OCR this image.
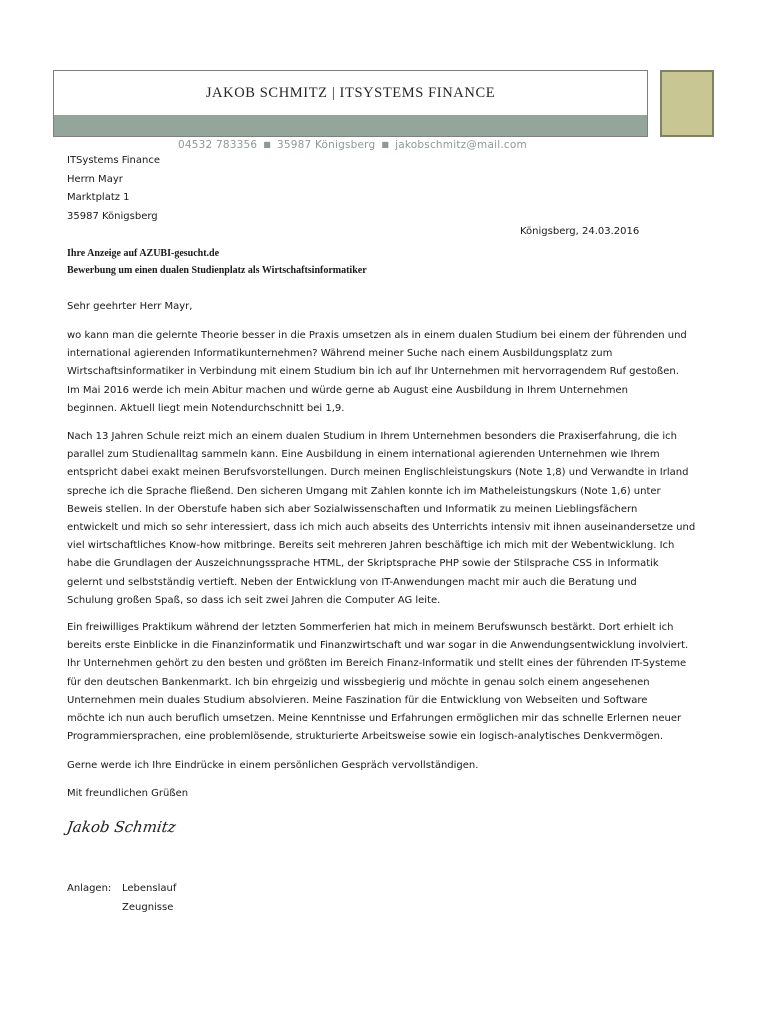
JAKOB SCHMITZ | ITSYSTEMS FINANCE
04532 783356 ■ 35987 Königsberg ■ jakobschmitz@mail.com
ITSystems Finance
Herrn Mayr
Marktplatz 1
35987 Königsberg
Königsberg, 24.03.2016
Ihre Anzeige auf AZUBI-gesucht.de
Bewerbung um einen dualen Studienplatz als Wirtschaftsinformatiker
Sehr geehrter Herr Mayr,
wo kann man die gelernte Theorie besser in die Praxis umsetzen als in einem dualen Studium bei einem der führenden und
international agierenden Informatikunternehmen? Während meiner Suche nach einem Ausbildungsplatz zum
Wirtschaftsinformatiker in Verbindung mit einem Studium bin ich auf Ihr Unternehmen mit hervorragendem Ruf gestoßen.
Im Mai 2016 werde ich mein Abitur machen und würde gerne ab August eine Ausbildung in Ihrem Unternehmen
beginnen. Aktuell liegt mein Notendurchschnitt bei 1,9.
Nach 13 Jahren Schule reizt mich an einem dualen Studium in Ihrem Unternehmen besonders die Praxiserfahrung, die ich
parallel zum Studienalltag sammeln kann. Eine Ausbildung in einem international agierenden Unternehmen wie Ihrem
entspricht dabei exakt meinen Berufsvorstellungen. Durch meinen Englischleistungskurs (Note 1,8) und Verwandte in Irland
spreche ich die Sprache fließend. Den sicheren Umgang mit Zahlen konnte ich im Matheleistungskurs (Note 1,6) unter
Beweis stellen. In der Oberstufe haben sich aber Sozialwissenschaften und Informatik zu meinen Lieblingsfächern
entwickelt und mich so sehr interessiert, dass ich mich auch abseits des Unterrichts intensiv mit ihnen auseinandersetze und
viel wirtschaftliches Know-how mitbringe. Bereits seit mehreren Jahren beschäftige ich mich mit der Webentwicklung. Ich
habe die Grundlagen der Auszeichnungssprache HTML, der Skriptsprache PHP sowie der Stilsprache CSS in Informatik
gelernt und selbstständig vertieft. Neben der Entwicklung von IT-Anwendungen macht mir auch die Beratung und
Schulung großen Spaß, so dass ich seit zwei Jahren die Computer AG leite.
Ein freiwilliges Praktikum während der letzten Sommerferien hat mich in meinem Berufswunsch bestärkt. Dort erhielt ich
bereits erste Einblicke in die Finanzinformatik und Finanzwirtschaft und war sogar in die Anwendungsentwicklung involviert.
Ihr Unternehmen gehört zu den besten und größten im Bereich Finanz-Informatik und stellt eines der führenden IT-Systeme
für den deutschen Bankenmarkt. Ich bin ehrgeizig und wissbegierig und möchte in genau solch einem angesehenen
Unternehmen mein duales Studium absolvieren. Meine Faszination für die Entwicklung von Webseiten und Software
möchte ich nun auch beruflich umsetzen. Meine Kenntnisse und Erfahrungen ermöglichen mir das schnelle Erlernen neuer
Programmiersprachen, eine problemlösende, strukturierte Arbeitsweise sowie ein logisch-analytisches Denkvermögen.
Gerne werde ich Ihre Eindrücke in einem persönlichen Gespräch vervollständigen.
Mit freundlichen Grüßen
Jakob Schmitz
Anlagen: Lebenslauf
Zeugnisse
